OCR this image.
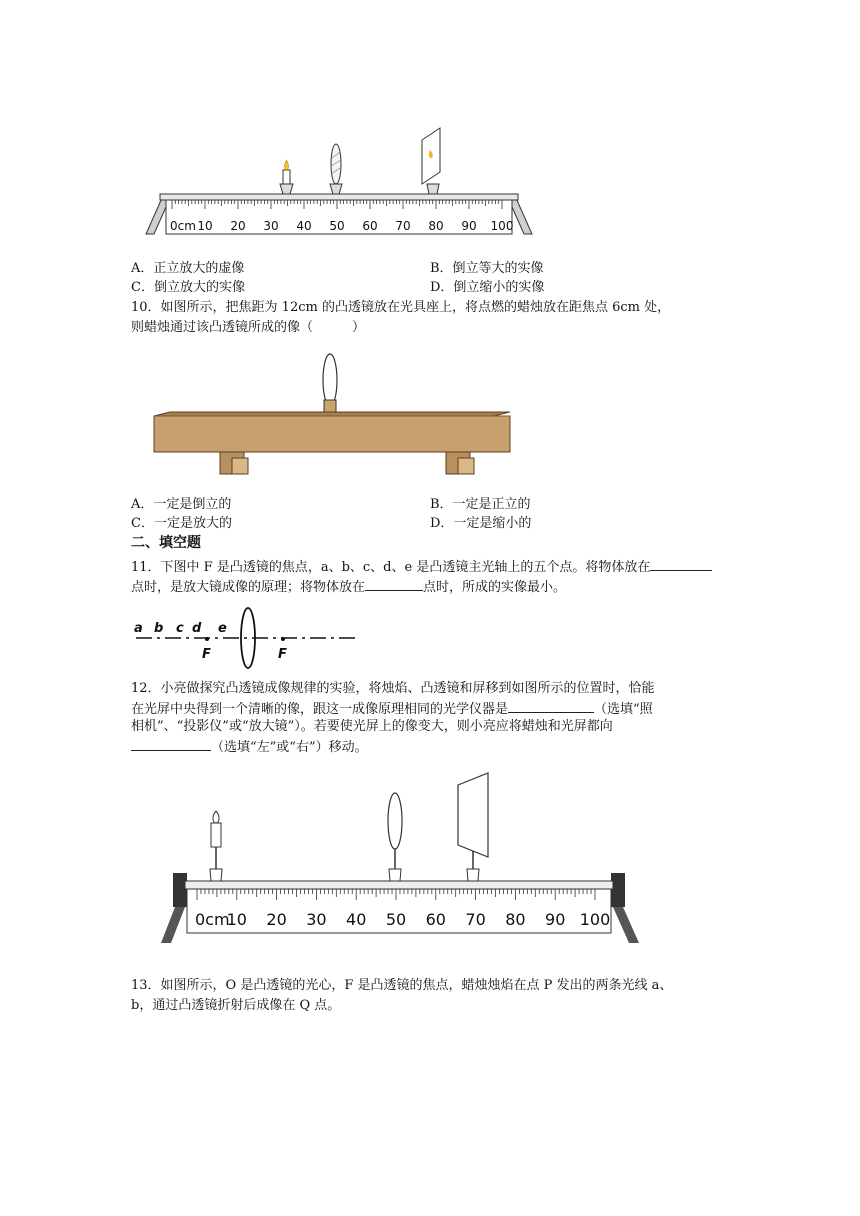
0cm 10 20 30 40 50 60 70 80 90 100
A．正立放大的虚像	B．倒立等大的实像
C．倒立放大的实像	D．倒立缩小的实像
10．如图所示，把焦距为 12cm 的凸透镜放在光具座上，将点燃的蜡烛放在距焦点 6cm 处，
则蜡烛通过该凸透镜所成的像（　　　）
A．一定是倒立的	B．一定是正立的
C．一定是放大的	D．一定是缩小的
二、填空题
11．下图中 F 是凸透镜的焦点，a、b、c、d、e 是凸透镜主光轴上的五个点。将物体放在
点时，是放大镜成像的原理；将物体放在	点时，所成的实像最小。
a b c d e
F	F
12．小亮做探究凸透镜成像规律的实验，将烛焰、凸透镜和屏移到如图所示的位置时，恰能
在光屏中央得到一个清晰的像，跟这一成像原理相同的光学仪器是	（选填“照
相机”、“投影仪”或“放大镜”）。若要使光屏上的像变大，则小亮应将蜡烛和光屏都向
（选填“左”或“右”）移动。
0cm
10 20 30 40 50 60 70 80 90 100
13．如图所示，O 是凸透镜的光心，F 是凸透镜的焦点，蜡烛烛焰在点 P 发出的两条光线 a、
b，通过凸透镜折射后成像在 Q 点。
